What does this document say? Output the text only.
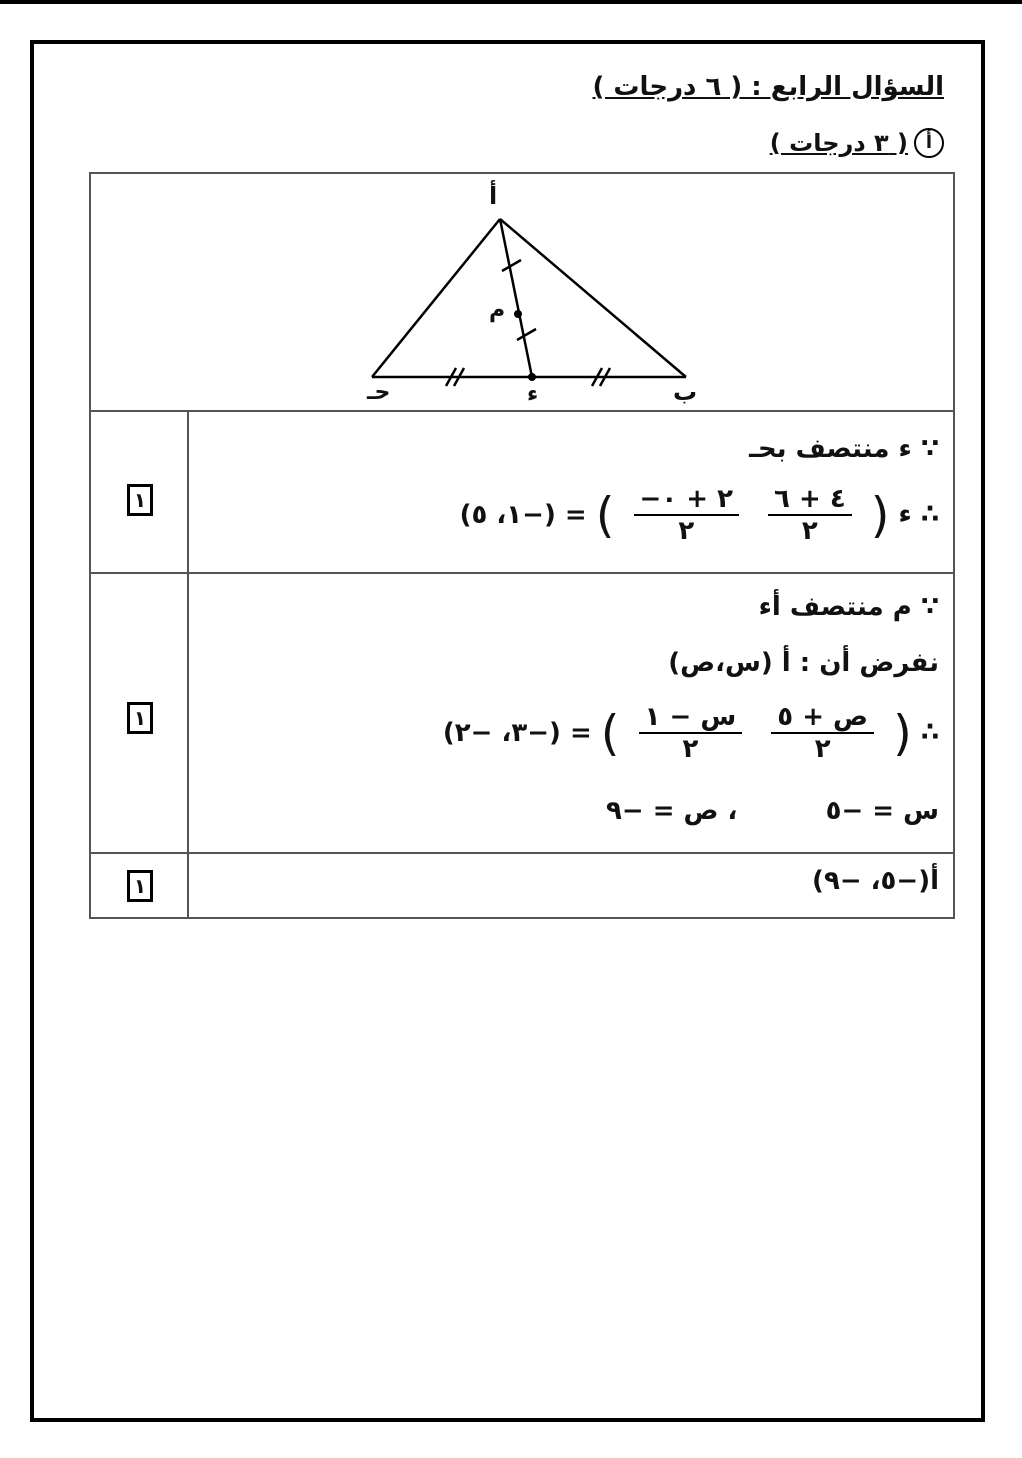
السؤال الرابع : ( ٦ درجات )
أ
( ٣ درجات )
أ
حـ	ب
ء
م
١
∵ ء منتصف بحـ
∴ ء (
$\frac{٤ + ٦}{٢}$

$\frac{-٢ + ٠}{٢}$
) = (−١، ٥)
١
∵ م منتصف أء
نفرض أن : أ (س،ص)
∴ (
$\frac{\text{ص + ٥}}{٢}$

$\frac{\text{س − ١}}{٢}$
) = (−٣، −٢)
س = −٥  ، ص = −٩
١	أ(−٥، −٩)
